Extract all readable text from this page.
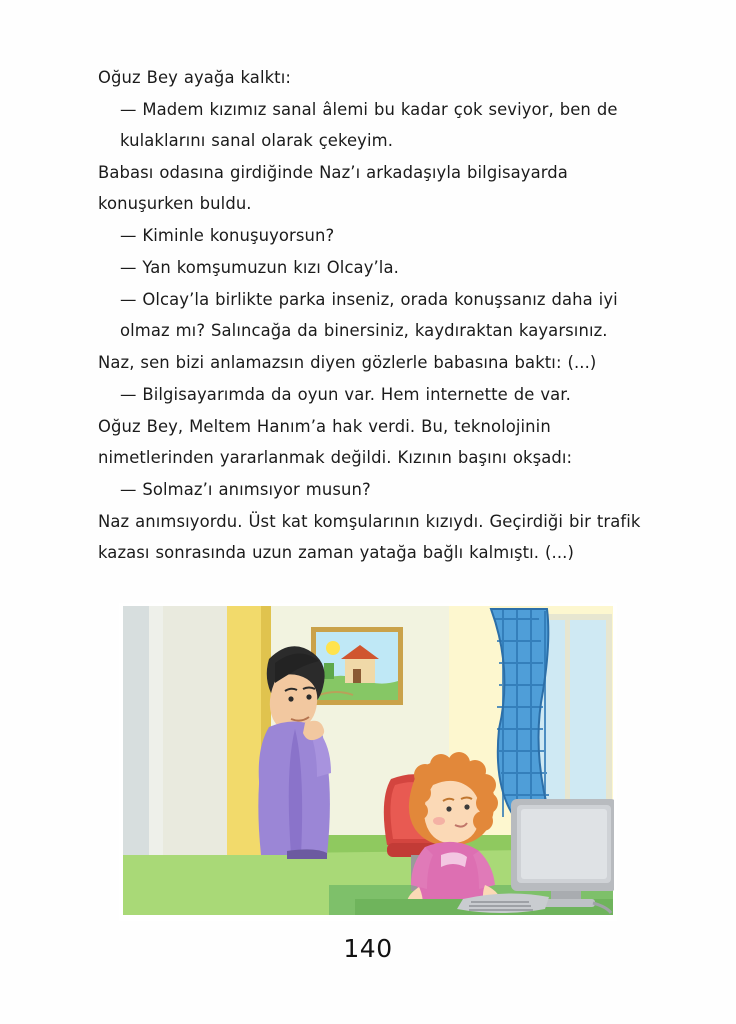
Oğuz Bey ayağa kalktı:

— Madem kızımız sanal âlemi bu kadar çok seviyor, ben de kulaklarını sanal olarak çekeyim.

Babası odasına girdiğinde Naz’ı arkadaşıyla bilgisayarda konuşurken buldu.

— Kiminle konuşuyorsun?

— Yan komşumuzun kızı Olcay’la.

— Olcay’la birlikte parka inseniz, orada konuşsanız daha iyi olmaz mı? Salıncağa da binersiniz, kaydıraktan kayarsınız.

Naz, sen bizi anlamazsın diyen gözlerle babasına baktı: (...)

— Bilgisayarımda da oyun var. Hem internette de var.

Oğuz Bey, Meltem Hanım’a hak verdi. Bu, teknolojinin nimetlerinden yararlanmak değildi. Kızının başını okşadı:

— Solmaz’ı anımsıyor musun?

Naz anımsıyordu. Üst kat komşularının kızıydı. Geçirdiği bir trafik kazası sonrasında uzun zaman yatağa bağlı kalmıştı. (...)

140
